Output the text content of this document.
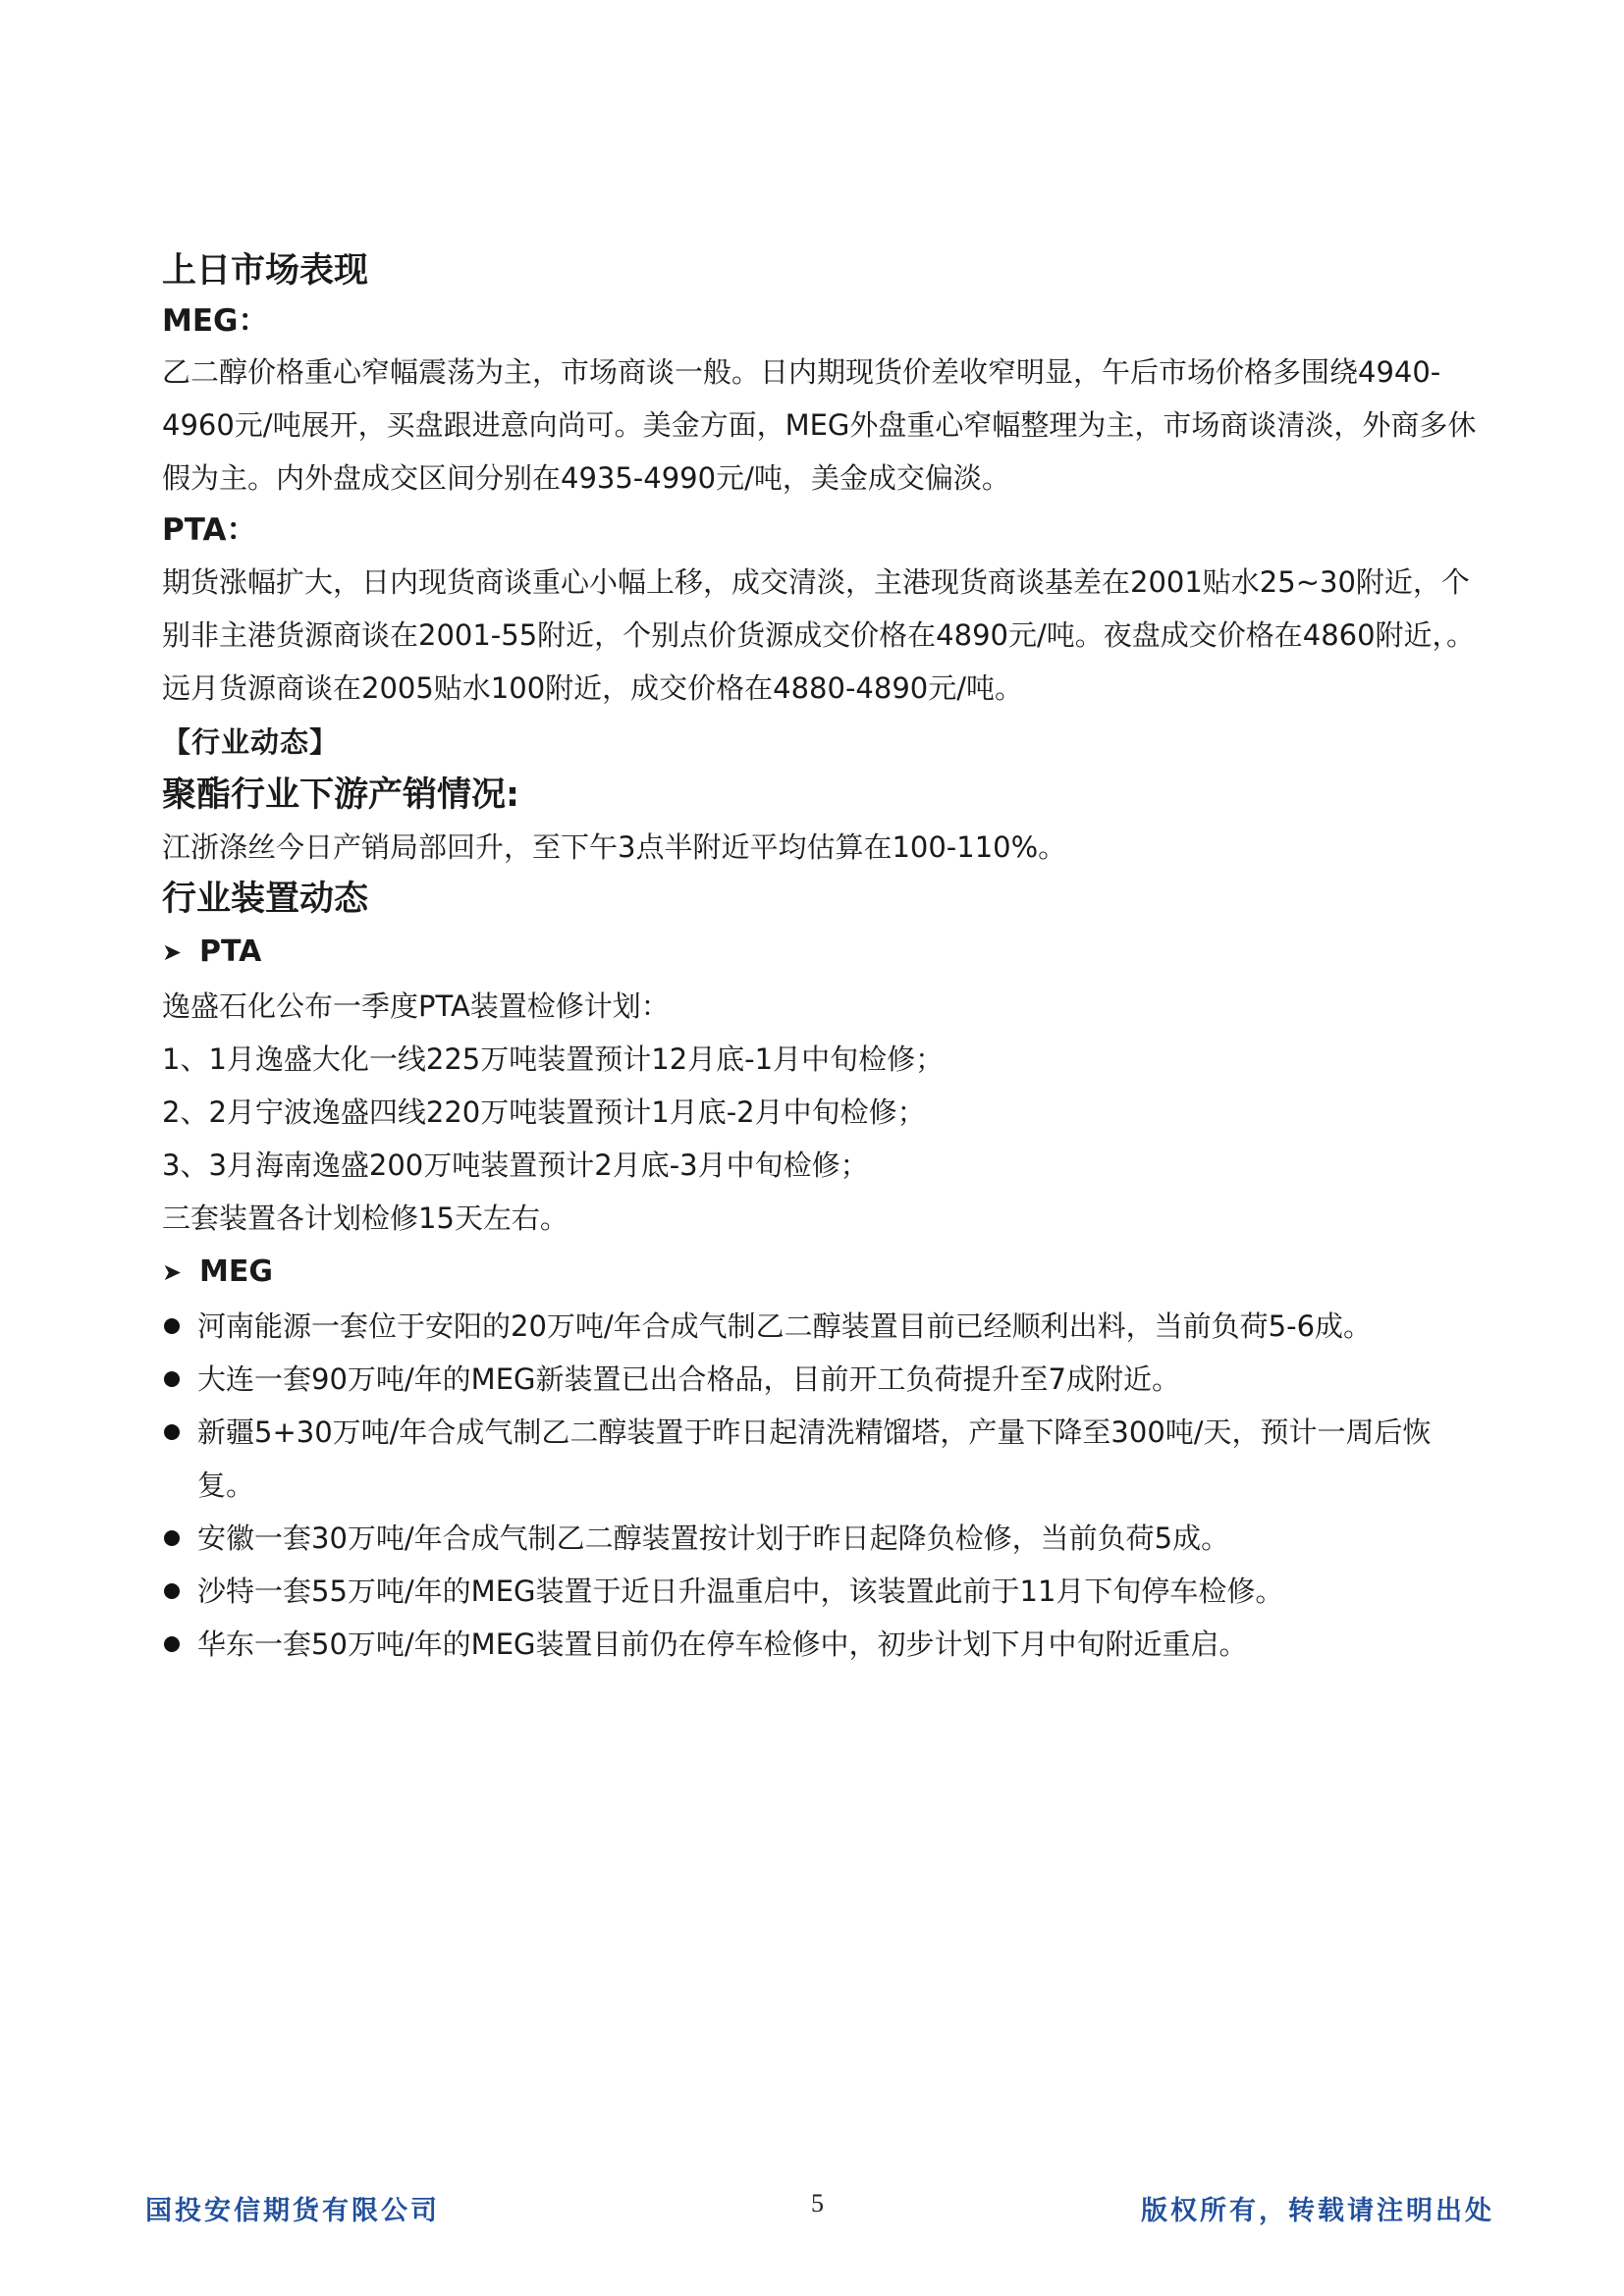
上日市场表现

MEG：

乙二醇价格重心窄幅震荡为主，市场商谈一般。日内期现货价差收窄明显，午后市场价格多围绕4940-4960元/吨展开，买盘跟进意向尚可。美金方面，MEG外盘重心窄幅整理为主，市场商谈清淡，外商多休假为主。内外盘成交区间分别在4935-4990元/吨，美金成交偏淡。

PTA：

期货涨幅扩大，日内现货商谈重心小幅上移，成交清淡，主港现货商谈基差在2001贴水25~30附近，个别非主港货源商谈在2001-55附近，个别点价货源成交价格在4890元/吨。夜盘成交价格在4860附近，。远月货源商谈在2005贴水100附近，成交价格在4880-4890元/吨。

【行业动态】

聚酯行业下游产销情况:

江浙涤丝今日产销局部回升，至下午3点半附近平均估算在100-110%。

行业装置动态

➤ PTA

逸盛石化公布一季度PTA装置检修计划：

1、1月逸盛大化一线225万吨装置预计12月底-1月中旬检修；

2、2月宁波逸盛四线220万吨装置预计1月底-2月中旬检修；

3、3月海南逸盛200万吨装置预计2月底-3月中旬检修；

三套装置各计划检修15天左右。

➤ MEG
河南能源一套位于安阳的20万吨/年合成气制乙二醇装置目前已经顺利出料，当前负荷5-6成。
大连一套90万吨/年的MEG新装置已出合格品，目前开工负荷提升至7成附近。
新疆5+30万吨/年合成气制乙二醇装置于昨日起清洗精馏塔，产量下降至300吨/天，预计一周后恢复。
安徽一套30万吨/年合成气制乙二醇装置按计划于昨日起降负检修，当前负荷5成。
沙特一套55万吨/年的MEG装置于近日升温重启中，该装置此前于11月下旬停车检修。
华东一套50万吨/年的MEG装置目前仍在停车检修中，初步计划下月中旬附近重启。
国投安信期货有限公司	5	版权所有，转载请注明出处
